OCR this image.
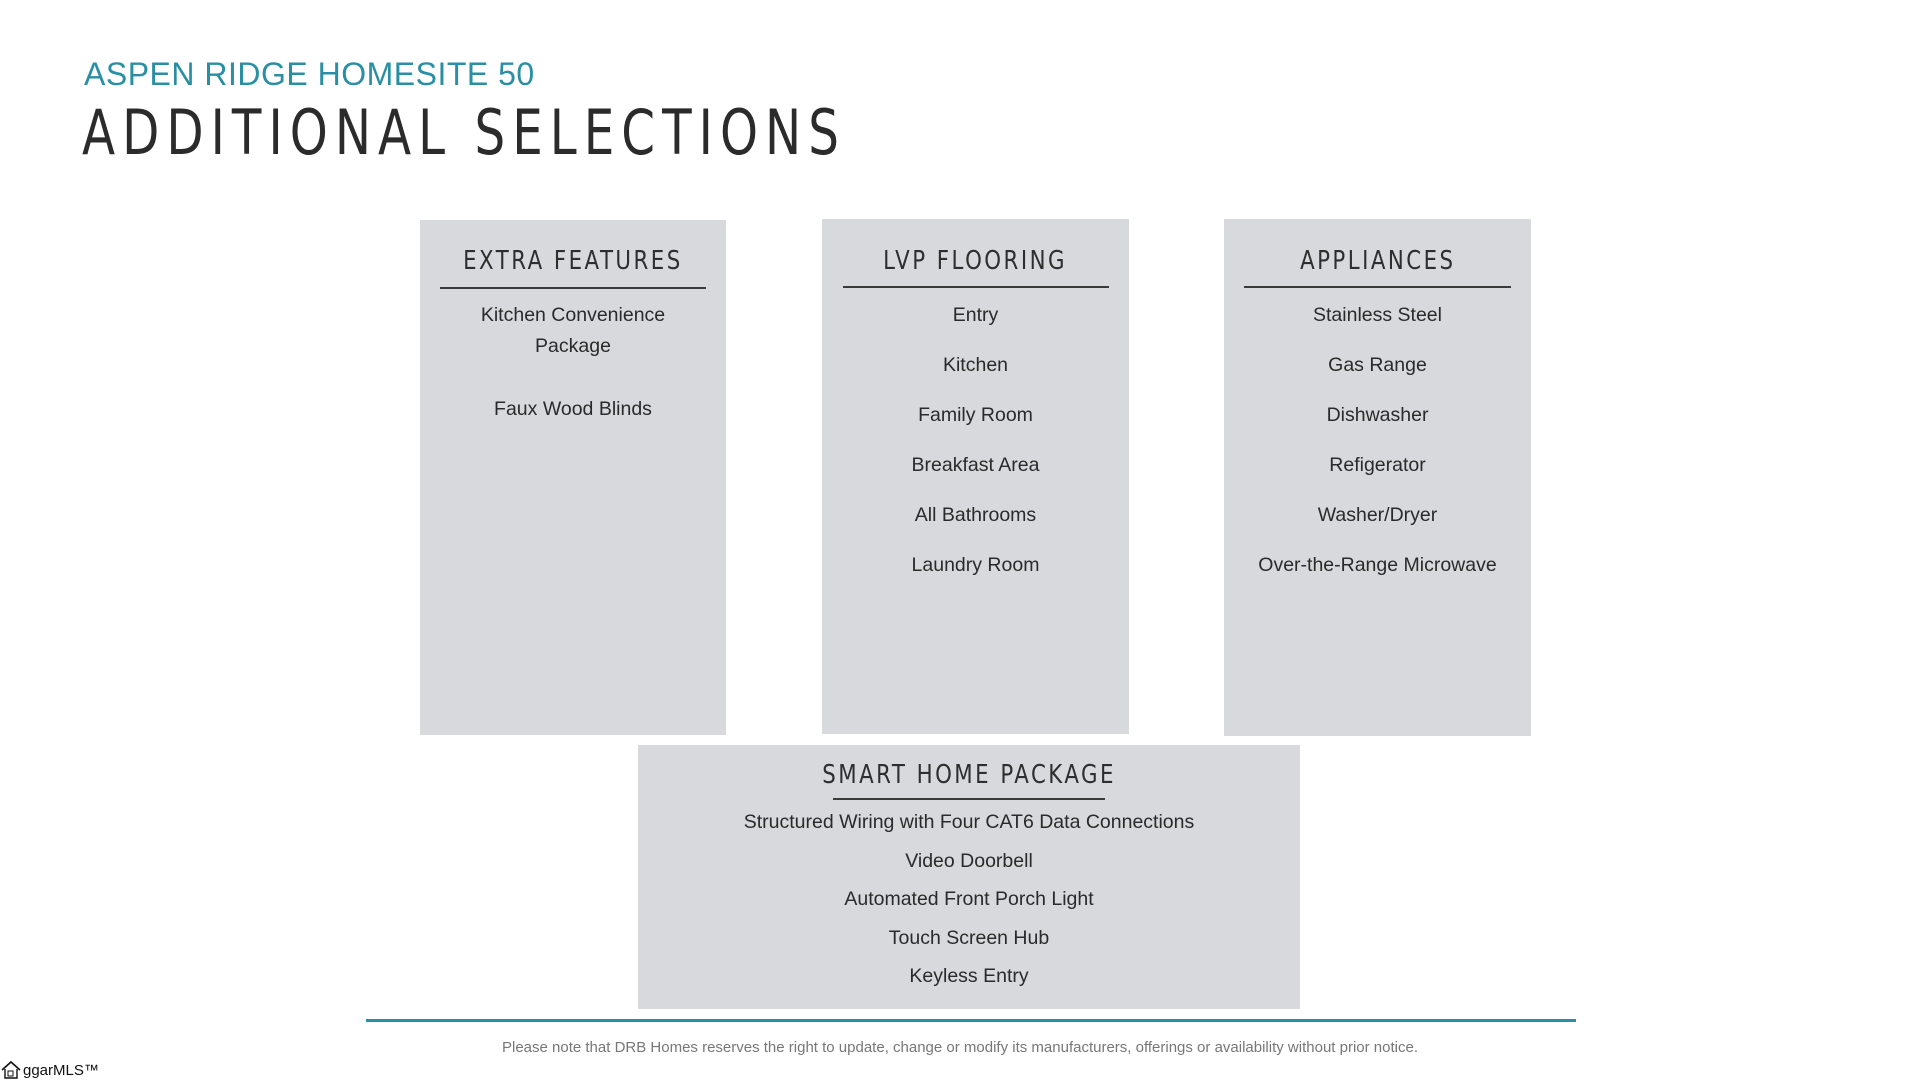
ASPEN RIDGE HOMESITE 50
ADDITIONAL SELECTIONS
EXTRA FEATURES
Kitchen Convenience
Package
Faux Wood Blinds
LVP FLOORING
Entry
Kitchen
Family Room
Breakfast Area
All Bathrooms
Laundry Room
APPLIANCES
Stainless Steel
Gas Range
Dishwasher
Refigerator
Washer/Dryer
Over-the-Range Microwave
SMART HOME PACKAGE
Structured Wiring with Four CAT6 Data Connections
Video Doorbell
Automated Front Porch Light
Touch Screen Hub
Keyless Entry
Please note that DRB Homes reserves the right to update, change or modify its manufacturers, offerings or availability without prior notice.
ggarMLS™
